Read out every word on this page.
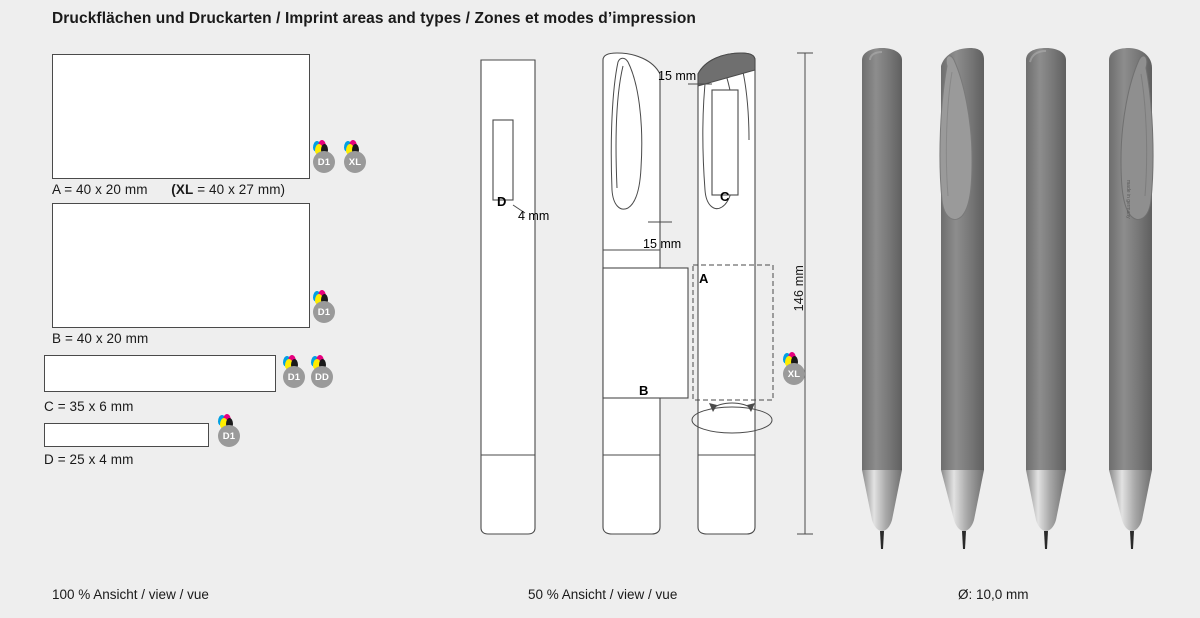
Druckflächen und Druckarten / Imprint areas and types / Zones et modes d’impression
D1	XL
A = 40 x 20 mm (XL = 40 x 27 mm)
D1
B = 40 x 20 mm
D1	DD
C = 35 x 6 mm
D1
D = 25 x 4 mm
100 % Ansicht / view / vue
D
4 mm
B
15 mm
C
A
15 mm
146 mm
XL
50 % Ansicht / view / vue
made in germany
Ø: 10,0 mm
